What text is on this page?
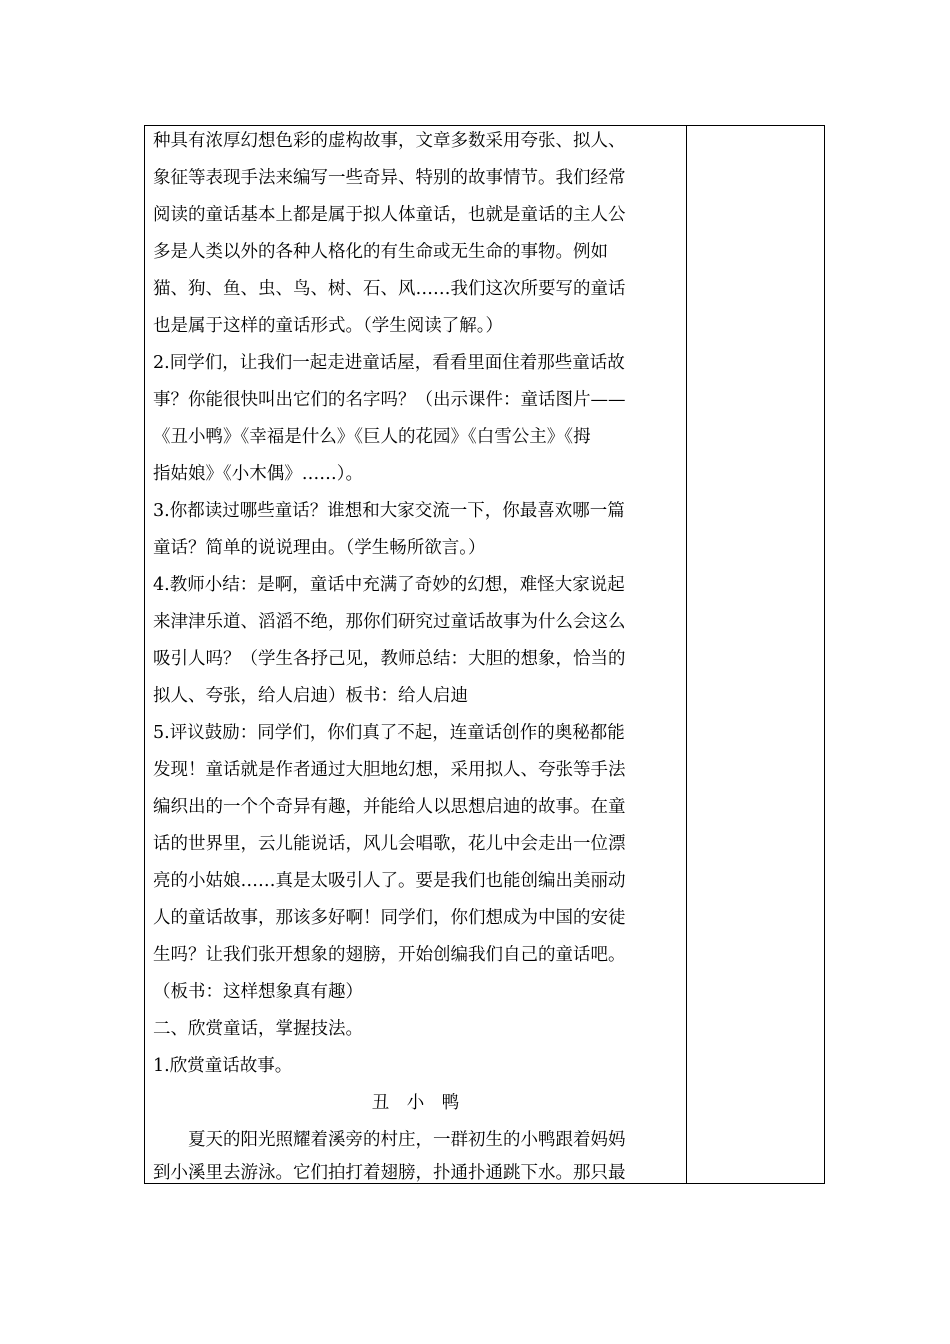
种具有浓厚幻想色彩的虚构故事，文章多数采用夸张、拟人、
象征等表现手法来编写一些奇异、特别的故事情节。我们经常
阅读的童话基本上都是属于拟人体童话，也就是童话的主人公
多是人类以外的各种人格化的有生命或无生命的事物。例如
猫、狗、鱼、虫、鸟、树、石、风……我们这次所要写的童话
也是属于这样的童话形式。（学生阅读了解。）
2.同学们，让我们一起走进童话屋，看看里面住着那些童话故
事？你能很快叫出它们的名字吗？（出示课件：童话图片——
《丑小鸭》《幸福是什么》《巨人的花园》《白雪公主》《拇
指姑娘》《小木偶》……）。
3.你都读过哪些童话？谁想和大家交流一下，你最喜欢哪一篇
童话？简单的说说理由。（学生畅所欲言。）
4.教师小结：是啊，童话中充满了奇妙的幻想，难怪大家说起
来津津乐道、滔滔不绝，那你们研究过童话故事为什么会这么
吸引人吗？（学生各抒己见，教师总结：大胆的想象，恰当的
拟人、夸张，给人启迪）板书：给人启迪
5.评议鼓励：同学们，你们真了不起，连童话创作的奥秘都能
发现！童话就是作者通过大胆地幻想，采用拟人、夸张等手法
编织出的一个个奇异有趣，并能给人以思想启迪的故事。在童
话的世界里，云儿能说话，风儿会唱歌，花儿中会走出一位漂
亮的小姑娘……真是太吸引人了。要是我们也能创编出美丽动
人的童话故事，那该多好啊！同学们，你们想成为中国的安徒
生吗？让我们张开想象的翅膀，开始创编我们自己的童话吧。
（板书：这样想象真有趣）
二、欣赏童话，掌握技法。
1.欣赏童话故事。
丑　小　鸭
　　夏天的阳光照耀着溪旁的村庄，一群初生的小鸭跟着妈妈
到小溪里去游泳。它们拍打着翅膀，扑通扑通跳下水。那只最
